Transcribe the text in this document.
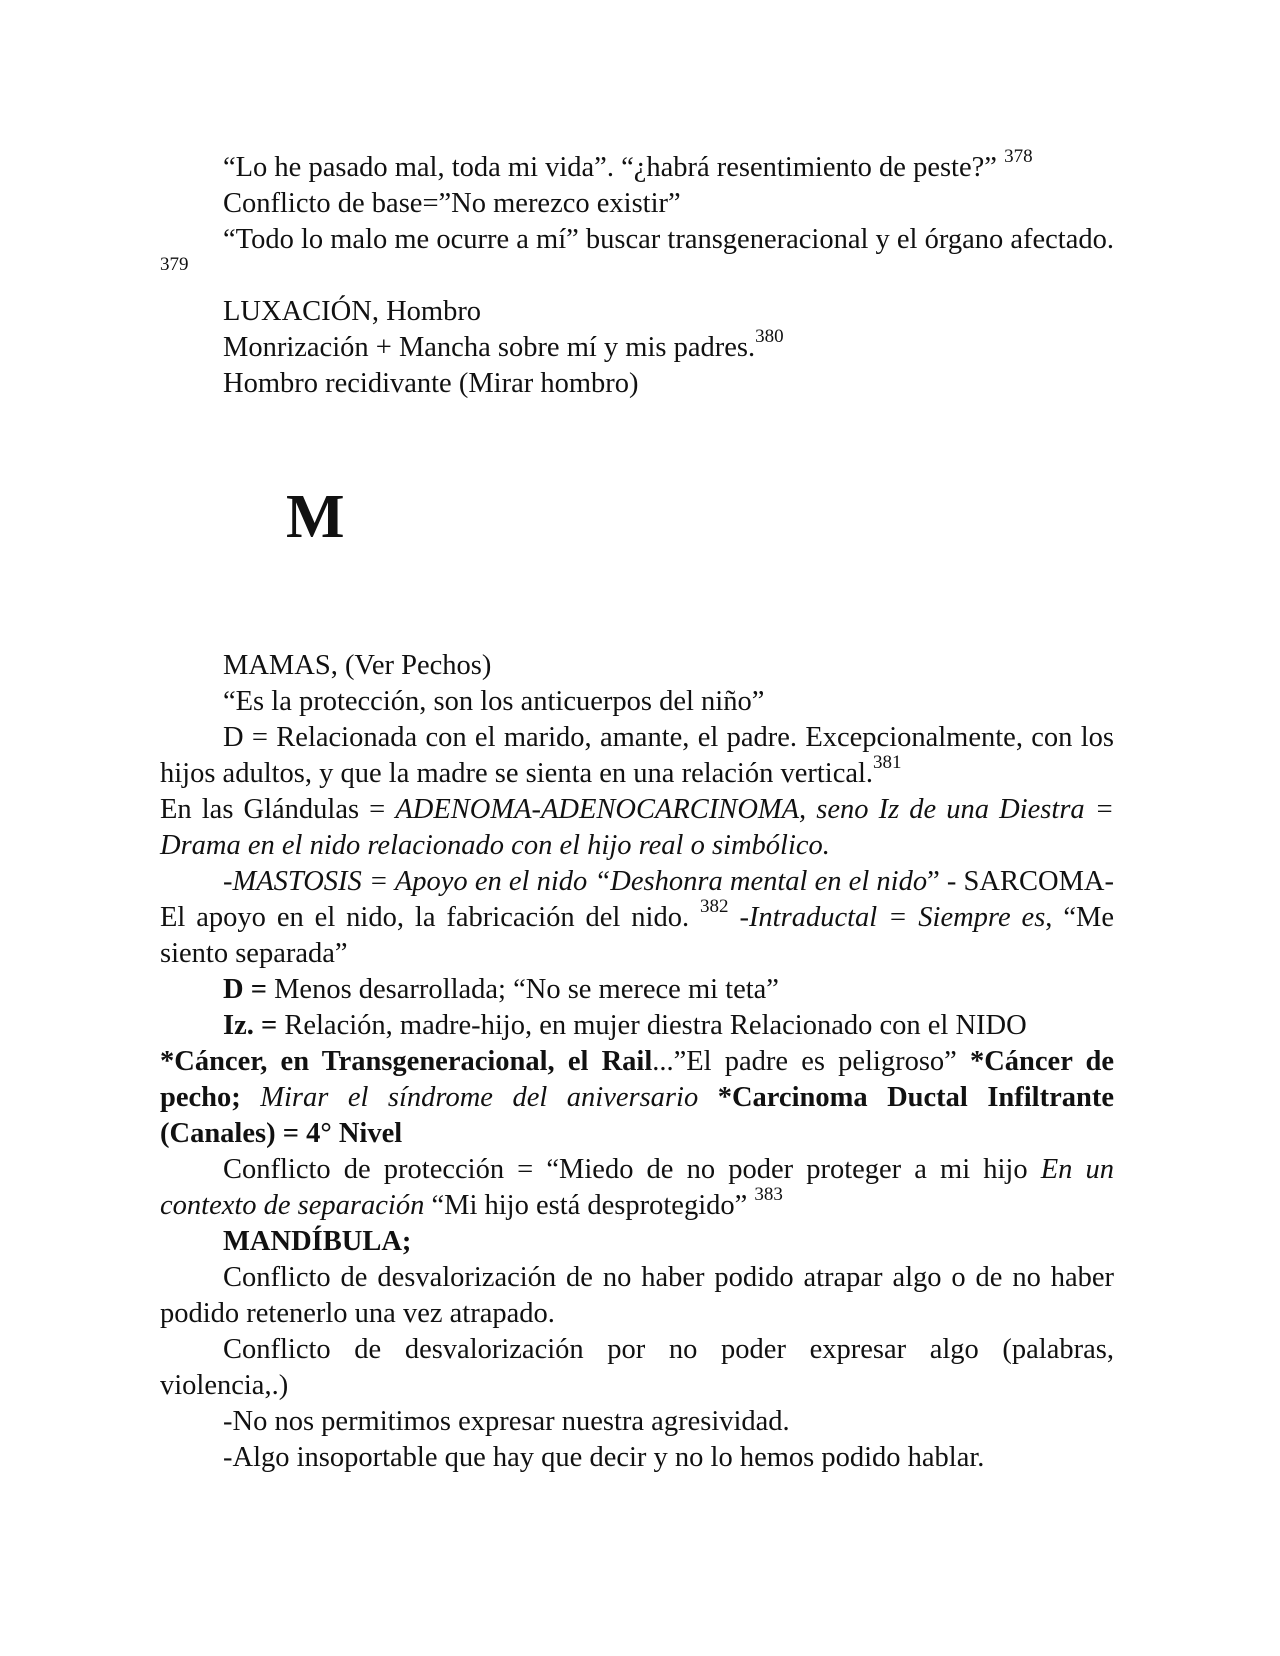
“Lo he pasado mal, toda mi vida”. “¿habrá resentimiento de peste?” $^{378}$

Conflicto de base=”No merezco existir”

“Todo lo malo me ocurre a mí” buscar transgeneracional y el órgano afectado. $^{379}$

LUXACIÓN, Hombro

Monrización + Mancha sobre mí y mis padres.$^{380}$

Hombro recidivante (Mirar hombro)

M

MAMAS, (Ver Pechos)

“Es la protección, son los anticuerpos del niño”

D = Relacionada con el marido, amante, el padre. Excepcionalmente, con los hijos adultos, y que la madre se sienta en una relación vertical.$^{381}$

En las Glándulas = ADENOMA-ADENOCARCINOMA, seno Iz de una Diestra = Drama en el nido relacionado con el hijo real o simbólico.

-MASTOSIS = Apoyo en el nido “Deshonra mental en el nido” - SARCOMA- El apoyo en el nido, la fabricación del nido. $^{382}$ -Intraductal = Siempre es, “Me siento separada”

D = Menos desarrollada; “No se merece mi teta”

Iz. = Relación, madre-hijo, en mujer diestra Relacionado con el NIDO

*Cáncer, en Transgeneracional, el Rail...”El padre es peligroso” *Cáncer de pecho; Mirar el síndrome del aniversario *Carcinoma Ductal Infiltrante (Canales) = 4° Nivel

Conflicto de protección = “Miedo de no poder proteger a mi hijo En un contexto de separación “Mi hijo está desprotegido” $^{383}$

MANDÍBULA;

Conflicto de desvalorización de no haber podido atrapar algo o de no haber podido retenerlo una vez atrapado.

Conflicto de desvalorización por no poder expresar algo (palabras, violencia,.)

-No nos permitimos expresar nuestra agresividad.

-Algo insoportable que hay que decir y no lo hemos podido hablar.
